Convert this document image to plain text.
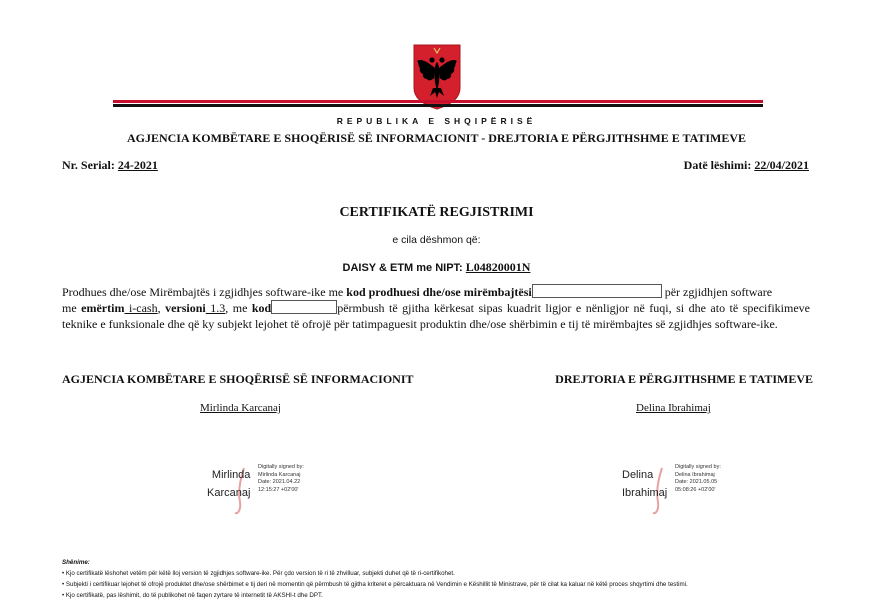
REPUBLIKA E SHQIPËRISË
AGJENCIA KOMBËTARE E SHOQËRISË SË INFORMACIONIT - DREJTORIA E PËRGJITHSHME E TATIMEVE
Nr. Serial: 24-2021	Datë lëshimi: 22/04/2021
CERTIFIKATË REGJISTRIMI
e cila dëshmon që:
DAISY & ETM me NIPT: L04820001N
Prodhues dhe/ose Mirëmbajtës i zgjidhjes software-ike me kod prodhuesi dhe/ose mirëmbajtësi	për zgjidhjen software
me emërtim i-cash, versioni 1.3, me kod	përmbush të gjitha kërkesat sipas kuadrit ligjor e nënligjor në fuqi, si dhe ato të specifikimeve teknike e funksionale dhe që ky subjekt lejohet të ofrojë për tatimpaguesit produktin dhe/ose shërbimin e tij të mirëmbajtes së zgjidhjes software-ike.
AGJENCIA KOMBËTARE E SHOQËRISË SË INFORMACIONIT	DREJTORIA E PËRGJITHSHME E TATIMEVE
Mirlinda Karcanaj	Delina Ibrahimaj
Mirlinda
Karcanaj
Digitally signed by:
Mirlinda Karcanaj
Date: 2021.04.22
12:15:27 +02'00'
Delina
Ibrahimaj
Digitally signed by:
Delina Ibrahimaj
Date: 2021.05.05
05:08:26 +02'00'
Shënime:
• Kjo certifikatë lëshohet vetëm për këtë lloj version të zgjidhjes software-ike. Për çdo version të ri të zhvilluar, subjekti duhet që të ri-certifikohet.
• Subjekti i certifikuar lejohet të ofrojë produktet dhe/ose shërbimet e tij deri në momentin që përmbush të gjitha kriteret e përcaktuara në Vendimin e Këshillit të Ministrave, për të cilat ka kaluar në këtë proces shqyrtimi dhe testimi.
• Kjo certifikatë, pas lëshimit, do të publikohet në faqen zyrtare të internetit të AKSHI-t dhe DPT.
